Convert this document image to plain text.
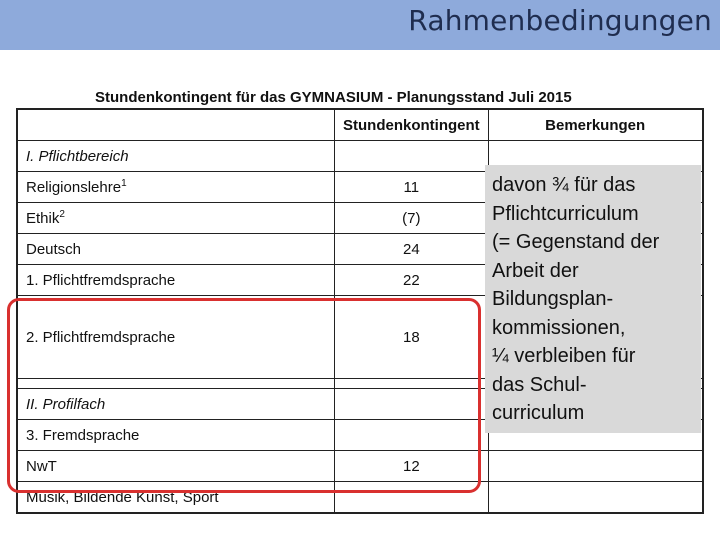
Rahmenbedingungen
Stundenkontingent für das GYMNASIUM - Planungsstand Juli 2015
	Stundenkontingent	Bemerkungen
I. Pflichtbereich		
Religionslehre$^1$	11	
Ethik$^2$	(7)	
Deutsch	24	
1. Pflichtfremdsprache	22	
2. Pflichtfremdsprache	18	

II. Profilfach		
3. Fremdsprache		
NwT	12	
Musik, Bildende Kunst, Sport		
davon ¾ für das
Pflichtcurriculum
(= Gegenstand der
Arbeit der
Bildungsplan-
kommissionen,
¼ verbleiben für
das Schul-
curriculum
